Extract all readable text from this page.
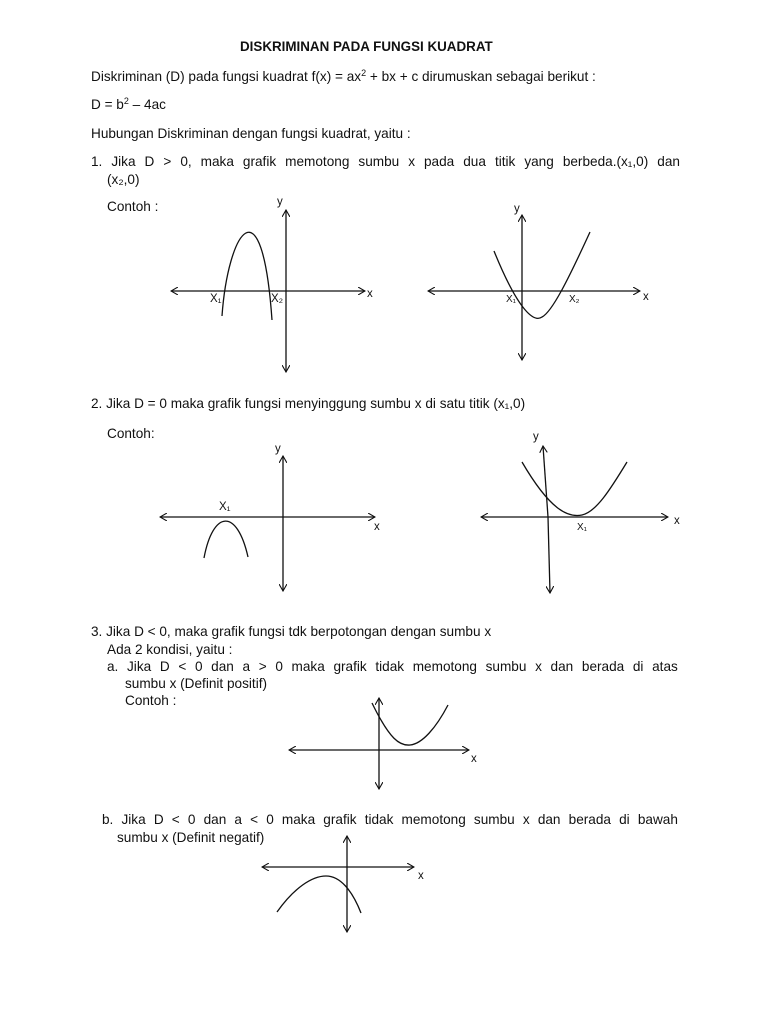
DISKRIMINAN PADA FUNGSI KUADRAT
Diskriminan (D) pada fungsi kuadrat $f(x) = ax^2$ + bx + c dirumuskan sebagai berikut :
$D = b^2 - 4ac$
Hubungan Diskriminan dengan fungsi kuadrat, yaitu :
1. Jika D > 0, maka grafik memotong sumbu x pada dua titik yang berbeda.(x₁,0) dan
(x₂,0)
Contoh :
2. Jika D = 0 maka grafik fungsi menyinggung sumbu x di satu titik (x₁,0)
Contoh:
3. Jika D < 0, maka grafik fungsi tdk berpotongan dengan sumbu x
Ada 2 kondisi, yaitu :
a. Jika D < 0 dan a > 0 maka grafik tidak memotong sumbu x dan berada di atas
sumbu x (Definit positif)
Contoh :
b. Jika D < 0 dan a < 0 maka grafik tidak memotong sumbu x dan berada di bawah
sumbu x (Definit negatif)
y
x
X₁	X₂
y
x
X₁	X₂
y
x
X₁
y
x
X₁
x
x
